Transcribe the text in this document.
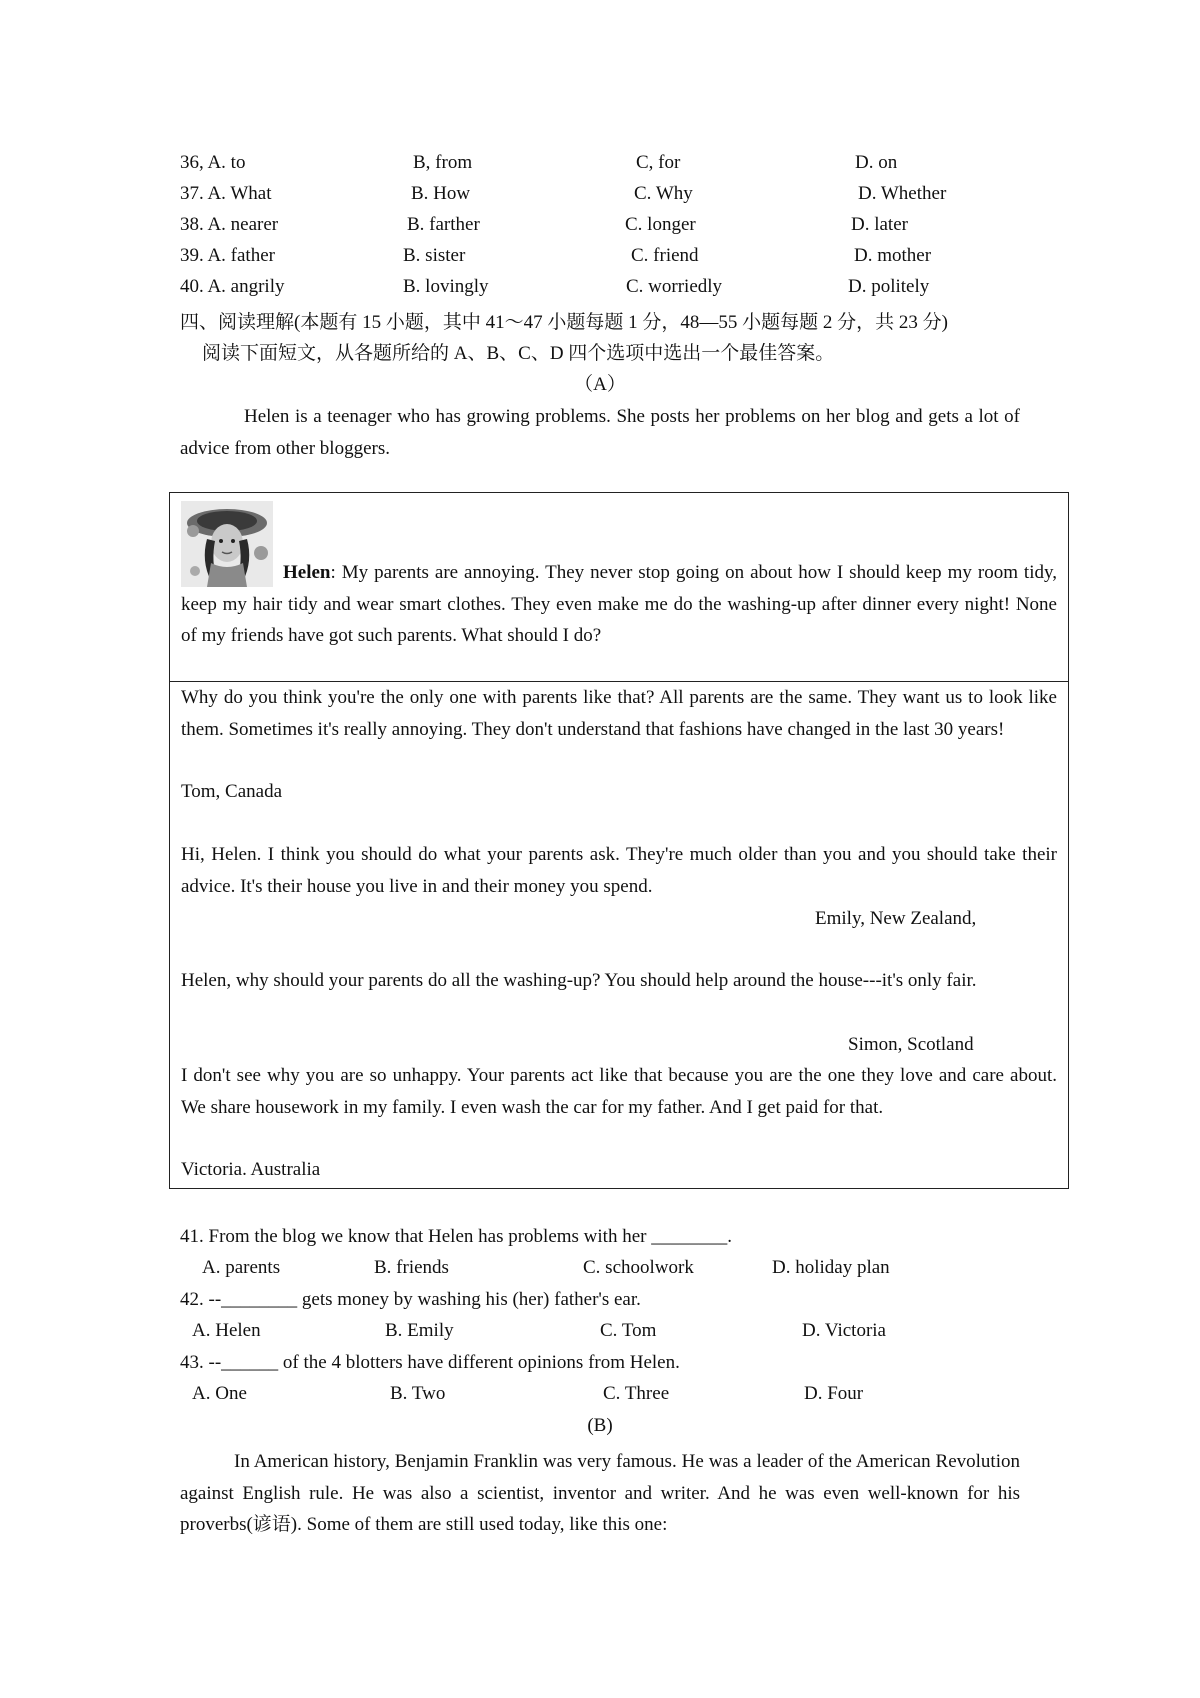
36, A. to	B, from	C, for	D. on
37. A. What	B. How	C. Why	D. Whether
38. A. nearer	B. farther	C. longer	D. later
39. A. father	B. sister	C. friend	D. mother
40. A. angrily	B. lovingly	C. worriedly	D. politely
四、阅读理解(本题有 15 小题，其中 41～47 小题每题 1 分，48—55 小题每题 2 分，共 23 分)
阅读下面短文，从各题所给的 A、B、C、D 四个选项中选出一个最佳答案。
（A）
Helen is a teenager who has growing problems. She posts her problems on her blog and gets a lot of advice from other bloggers.

Helen: My parents are annoying. They never stop going on about how I should keep my room tidy, keep my hair tidy and wear smart clothes. They even make me do the washing-up after dinner every night! None of my friends have got such parents. What should I do?

Why do you think you're the only one with parents like that? All parents are the same. They want us to look like them. Sometimes it's really annoying. They don't understand that fashions have changed in the last 30 years!

Tom, Canada

Hi, Helen. I think you should do what your parents ask. They're much older than you and you should take their advice. It's their house you live in and their money you spend.

Emily, New Zealand,

Helen, why should your parents do all the washing-up? You should help around the house---it's only fair.

Simon, Scotland

I don't see why you are so unhappy. Your parents act like that because you are the one they love and care about. We share housework in my family. I even wash the car for my father. And I get paid for that.

Victoria. Australia

41. From the blog we know that Helen has problems with her ________.
A. parents	B. friends	C. schoolwork	D. holiday plan
42. --________ gets money by washing his (her) father's ear.
A. Helen	B. Emily	C. Tom	D. Victoria
43. --______ of the 4 blotters have different opinions from Helen.
A. One	B. Two	C. Three	D. Four
(B)
In American history, Benjamin Franklin was very famous. He was a leader of the American Revolution against English rule. He was also a scientist, inventor and writer. And he was even well-known for his proverbs(谚语). Some of them are still used today, like this one:
